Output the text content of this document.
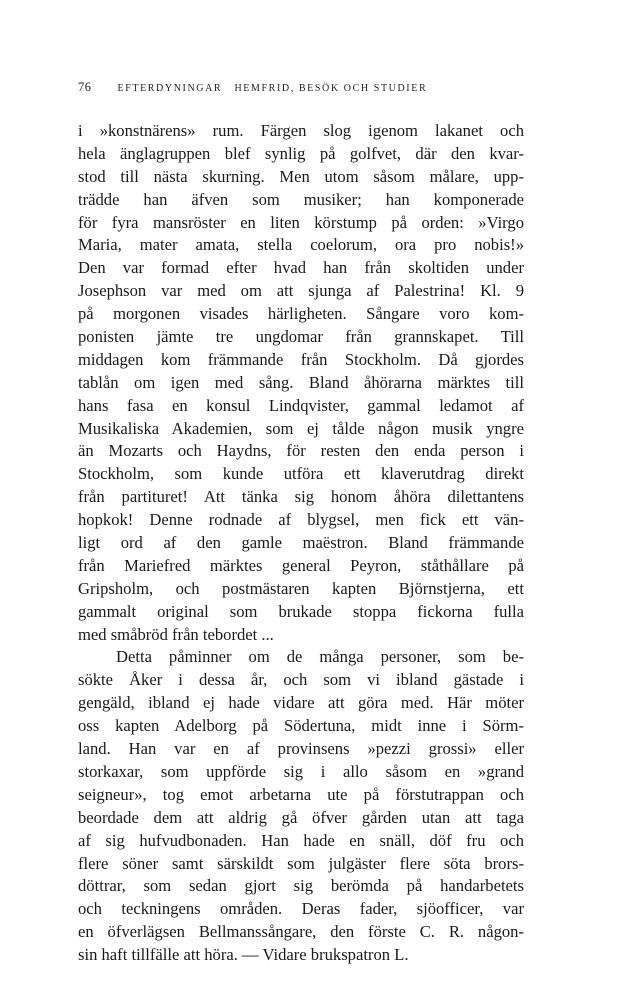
76	EFTERDYNINGAR   HEMFRID, BESÖK OCH STUDIER
i »konstnärens» rum. Färgen slog igenom lakanet och
hela änglagruppen blef synlig på golfvet, där den kvar-
stod till nästa skurning. Men utom såsom målare, upp-
trädde han äfven som musiker; han komponerade
för fyra mansröster en liten körstump på orden: »Virgo
Maria, mater amata, stella coelorum, ora pro nobis!»
Den var formad efter hvad han från skoltiden under
Josephson var med om att sjunga af Palestrina! Kl. 9
på morgonen visades härligheten. Sångare voro kom-
ponisten jämte tre ungdomar från grannskapet. Till
middagen kom främmande från Stockholm. Då gjordes
tablån om igen med sång. Bland åhörarna märktes till
hans fasa en konsul Lindqvister, gammal ledamot af
Musikaliska Akademien, som ej tålde någon musik yngre
än Mozarts och Haydns, för resten den enda person i
Stockholm, som kunde utföra ett klaverutdrag direkt
från partituret! Att tänka sig honom åhöra dilettantens
hopkok! Denne rodnade af blygsel, men fick ett vän-
ligt ord af den gamle maëstron. Bland främmande
från Mariefred märktes general Peyron, ståthållare på
Gripsholm, och postmästaren kapten Björnstjerna, ett
gammalt original som brukade stoppa fickorna fulla
med småbröd från tebordet ...
Detta påminner om de många personer, som be-
sökte Åker i dessa år, och som vi ibland gästade i
gengäld, ibland ej hade vidare att göra med. Här möter
oss kapten Adelborg på Södertuna, midt inne i Sörm-
land. Han var en af provinsens »pezzi grossi» eller
storkaxar, som uppförde sig i allo såsom en »grand
seigneur», tog emot arbetarna ute på förstutrappan och
beordade dem att aldrig gå öfver gården utan att taga
af sig hufvudbonaden. Han hade en snäll, döf fru och
flere söner samt särskildt som julgäster flere söta brors-
döttrar, som sedan gjort sig berömda på handarbetets
och teckningens områden. Deras fader, sjöofficer, var
en öfverlägsen Bellmanssångare, den förste C. R. någon-
sin haft tillfälle att höra. — Vidare brukspatron L.
